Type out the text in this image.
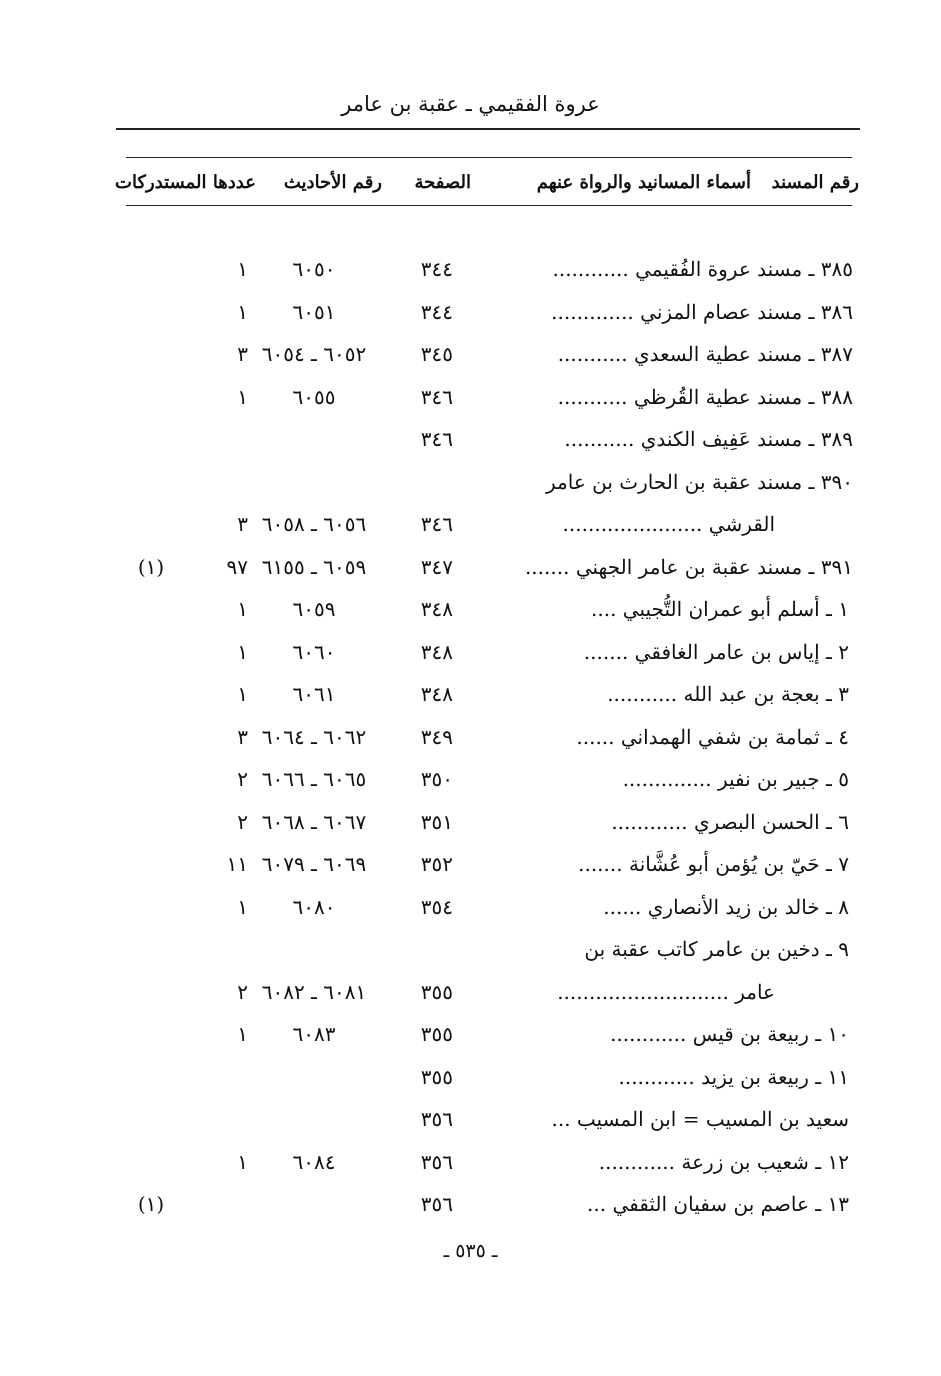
عروة الفقيمي ـ عقبة بن عامر
رقم المسند
أسماء المسانيد والرواة عنهم
الصفحة
رقم الأحاديث
عددها المستدركات
٣٨٥ ـ مسند عروة الفُقيمي ............
٣٤٤
٦٠٥٠
١
٣٨٦ ـ مسند عصام المزني .............
٣٤٤
٦٠٥١
١
٣٨٧ ـ مسند عطية السعدي ...........
٣٤٥
٦٠٥٢ ـ ٦٠٥٤
٣
٣٨٨ ـ مسند عطية القُرظي ...........
٣٤٦
٦٠٥٥
١
٣٨٩ ـ مسند عَفِيف الكندي ...........
٣٤٦
٣٩٠ ـ مسند عقبة بن الحارث بن عامر
القرشي ......................
٣٤٦
٦٠٥٦ ـ ٦٠٥٨
٣
٣٩١ ـ مسند عقبة بن عامر الجهني .......
٣٤٧
٦٠٥٩ ـ ٦١٥٥
٩٧
(١)
١ ـ أسلم أبو عمران التُّجيبي ....
٣٤٨
٦٠٥٩
١
٢ ـ إياس بن عامر الغافقي .......
٣٤٨
٦٠٦٠
١
٣ ـ بعجة بن عبد الله ...........
٣٤٨
٦٠٦١
١
٤ ـ ثمامة بن شفي الهمداني ......
٣٤٩
٦٠٦٢ ـ ٦٠٦٤
٣
٥ ـ جبير بن نفير ..............
٣٥٠
٦٠٦٥ ـ ٦٠٦٦
٢
٦ ـ الحسن البصري ............
٣٥١
٦٠٦٧ ـ ٦٠٦٨
٢
٧ ـ حَيّ بن يُؤمن أبو عُشَّانة .......
٣٥٢
٦٠٦٩ ـ ٦٠٧٩
١١
٨ ـ خالد بن زيد الأنصاري ......
٣٥٤
٦٠٨٠
١
٩ ـ دخين بن عامر كاتب عقبة بن
عامر ...........................
٣٥٥
٦٠٨١ ـ ٦٠٨٢
٢
١٠ ـ ربيعة بن قيس ............
٣٥٥
٦٠٨٣
١
١١ ـ ربيعة بن يزيد ............
٣٥٥
سعيد بن المسيب = ابن المسيب ...
٣٥٦
١٢ ـ شعيب بن زرعة ............
٣٥٦
٦٠٨٤
١
١٣ ـ عاصم بن سفيان الثقفي ...
٣٥٦
(١)
ـ ٥٣٥ ـ
